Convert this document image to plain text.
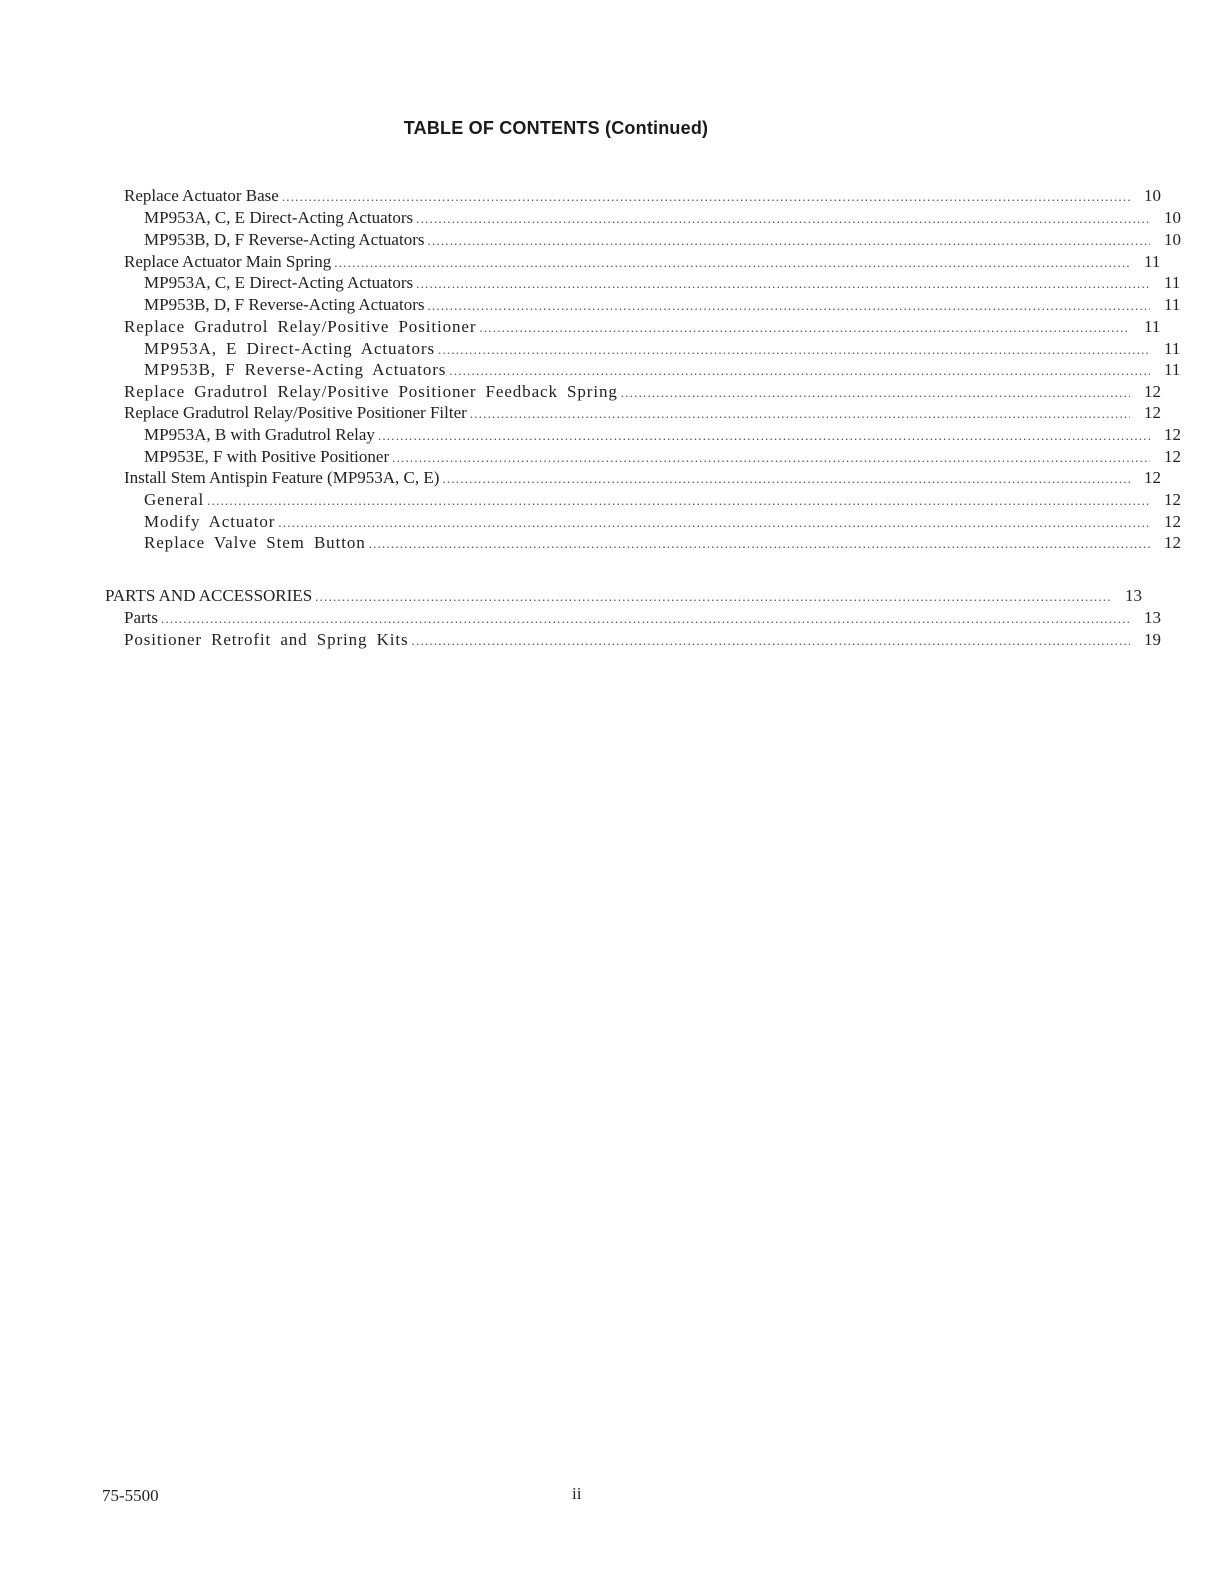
TABLE OF CONTENTS (Continued)
Replace Actuator Base .....	10
MP953A, C, E Direct-Acting Actuators .....	10
MP953B, D, F Reverse-Acting Actuators .....	10
Replace Actuator Main Spring .....	11
MP953A, C, E Direct-Acting Actuators .....	11
MP953B, D, F Reverse-Acting Actuators .....	11
Replace Gradutrol Relay/Positive Positioner .....	11
MP953A, E Direct-Acting Actuators .....	11
MP953B, F Reverse-Acting Actuators .....	11
Replace Gradutrol Relay/Positive Positioner Feedback Spring .....	12
Replace Gradutrol Relay/Positive Positioner Filter .....	12
MP953A, B with Gradutrol Relay .....	12
MP953E, F with Positive Positioner .....	12
Install Stem Antispin Feature (MP953A, C, E) .....	12
General .....	12
Modify Actuator .....	12
Replace Valve Stem Button .....	12
PARTS AND ACCESSORIES .....	13
Parts .....	13
Positioner Retrofit and Spring Kits .....	19
75-5500	ii
